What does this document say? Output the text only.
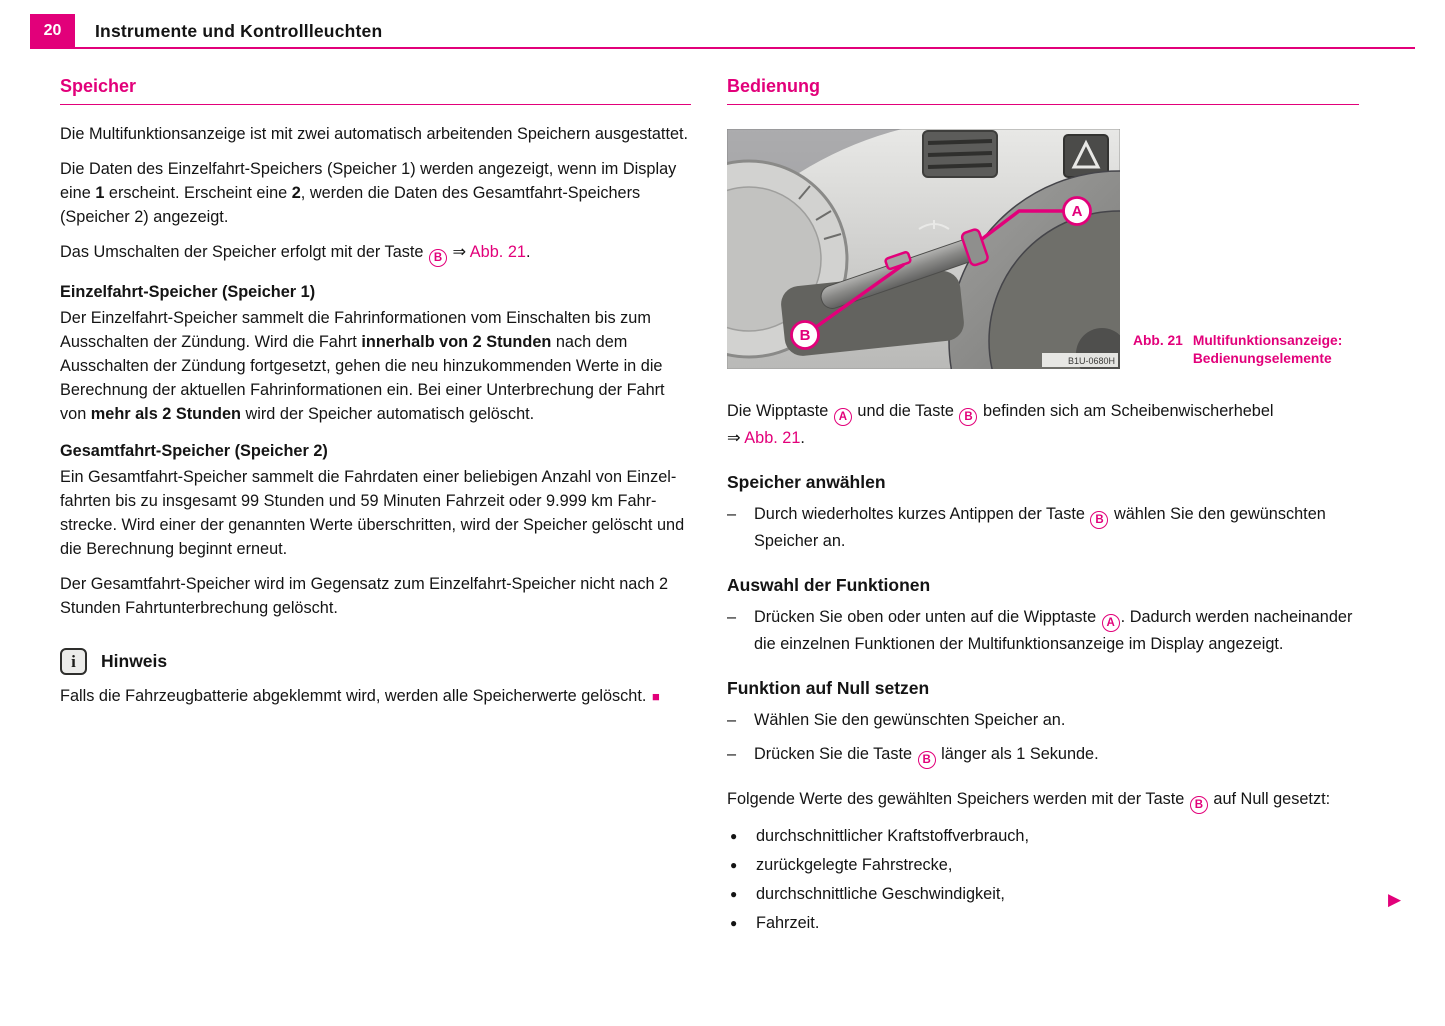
20 Instrumente und Kontrollleuchten
Speicher
Die Multifunktionsanzeige ist mit zwei automatisch arbeitenden Speichern ausgestattet.
Die Daten des Einzelfahrt-Speichers (Speicher 1) werden angezeigt, wenn im Display eine 1 erscheint. Erscheint eine 2, werden die Daten des Gesamtfahrt-Speichers (Speicher 2) angezeigt.
Das Umschalten der Speicher erfolgt mit der Taste B ⇒ Abb. 21.
Einzelfahrt-Speicher (Speicher 1)
Der Einzelfahrt-Speicher sammelt die Fahrinformationen vom Einschalten bis zum Ausschalten der Zündung. Wird die Fahrt innerhalb von 2 Stunden nach dem Ausschalten der Zündung fortgesetzt, gehen die neu hinzukommenden Werte in die Berechnung der aktuellen Fahrinformationen ein. Bei einer Unterbrechung der Fahrt von mehr als 2 Stunden wird der Speicher automatisch gelöscht.
Gesamtfahrt-Speicher (Speicher 2)
Ein Gesamtfahrt-Speicher sammelt die Fahrdaten einer beliebigen Anzahl von Einzelfahrten bis zu insgesamt 99 Stunden und 59 Minuten Fahrzeit oder 9.999 km Fahrstrecke. Wird einer der genannten Werte überschritten, wird der Speicher gelöscht und die Berechnung beginnt erneut.
Der Gesamtfahrt-Speicher wird im Gegensatz zum Einzelfahrt-Speicher nicht nach 2 Stunden Fahrtunterbrechung gelöscht.
i	Hinweis
Falls die Fahrzeugbatterie abgeklemmt wird, werden alle Speicherwerte gelöscht. ■
Bedienung
A
B
B1U-0680H
Abb. 21 Multifunktionsanzeige: Bedienungselemente
Die Wipptaste A und die Taste B befinden sich am Scheibenwischerhebel
⇒ Abb. 21.
Speicher anwählen
–	Durch wiederholtes kurzes Antippen der Taste B wählen Sie den gewünschten Speicher an.
Auswahl der Funktionen
–	Drücken Sie oben oder unten auf die Wipptaste A . Dadurch werden nacheinander die einzelnen Funktionen der Multifunktionsanzeige im Display angezeigt.
Funktion auf Null setzen
–	Wählen Sie den gewünschten Speicher an.
–	Drücken Sie die Taste B länger als 1 Sekunde.
Folgende Werte des gewählten Speichers werden mit der Taste B auf Null gesetzt:
●	durchschnittlicher Kraftstoffverbrauch,
●	zurückgelegte Fahrstrecke,
●	durchschnittliche Geschwindigkeit,
●	Fahrzeit.
▶
